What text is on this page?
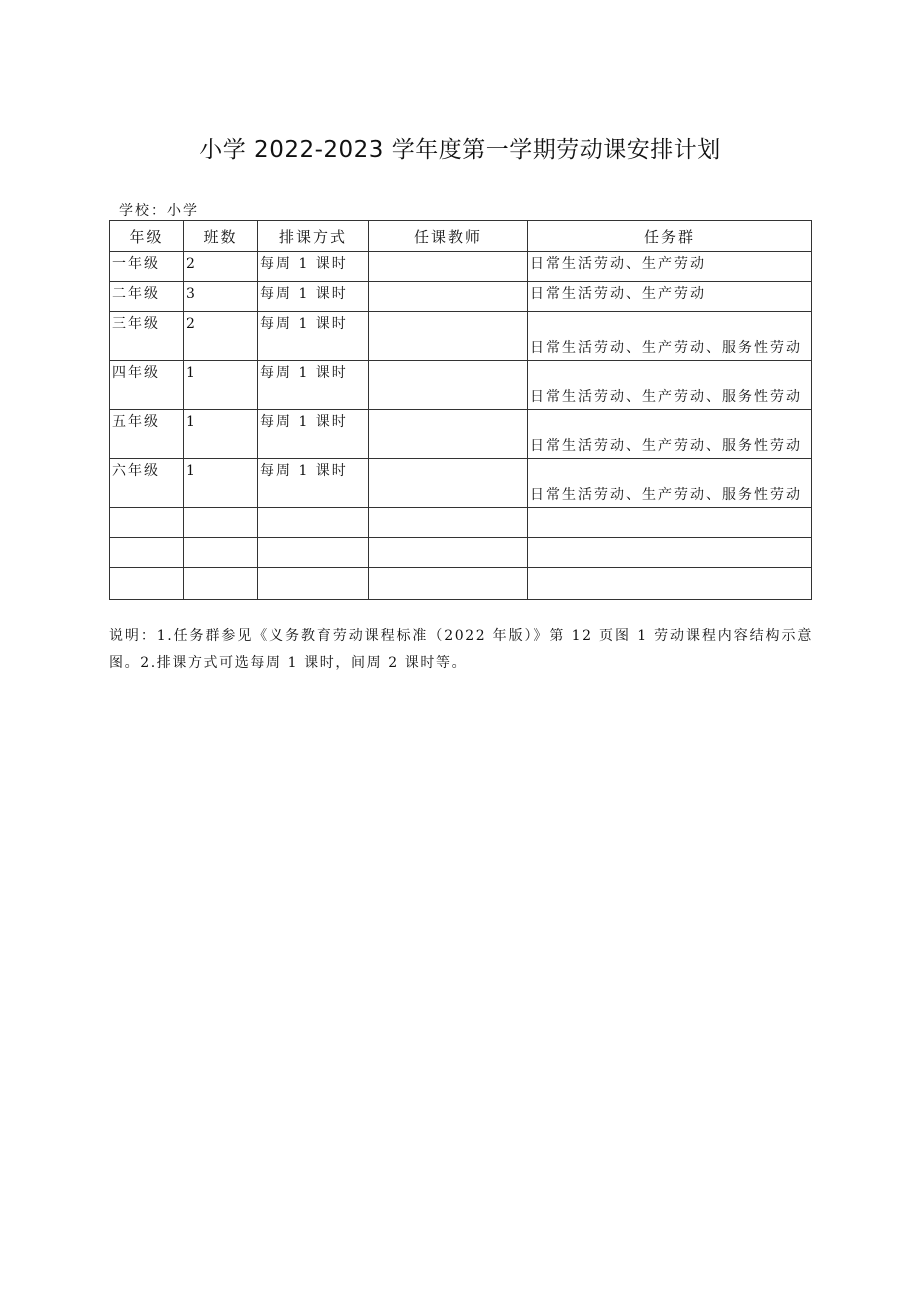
小学 2022-2023 学年度第一学期劳动课安排计划
学校：小学
年级	班数	排课方式	任课教师	任务群
一年级	2	每周 1 课时		日常生活劳动、生产劳动
二年级	3	每周 1 课时		日常生活劳动、生产劳动
三年级	2	每周 1 课时		日常生活劳动、生产劳动、服务性劳动

四年级	1	每周 1 课时		日常生活劳动、生产劳动、服务性劳动

五年级	1	每周 1 课时		日常生活劳动、生产劳动、服务性劳动

六年级	1	每周 1 课时		日常生活劳动、生产劳动、服务性劳动

说明：1.任务群参见《义务教育劳动课程标准（2022 年版）》第 12 页图 1 劳动课程内容结构示意图。2.排课方式可选每周 1 课时，间周 2 课时等。
